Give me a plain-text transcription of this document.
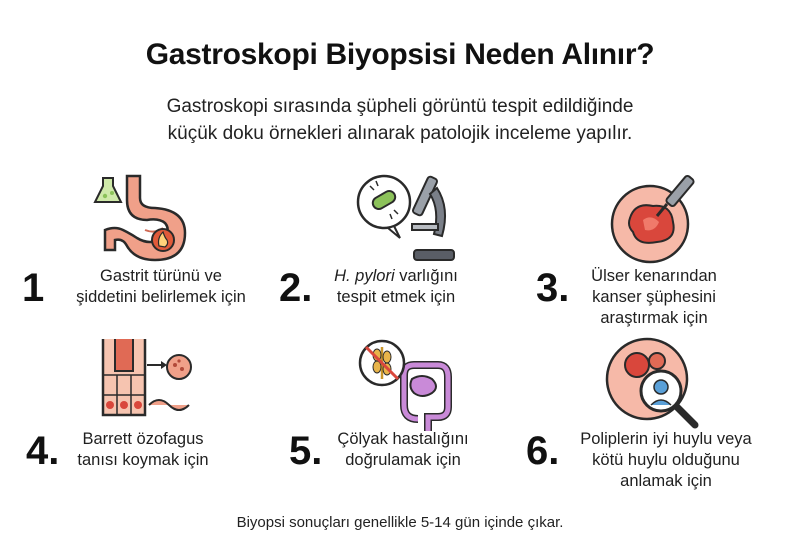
Gastroskopi Biyopsisi Neden Alınır?
Gastroskopi sırasında şüpheli görüntü tespit edildiğinde
küçük doku örnekleri alınarak patolojik inceleme yapılır.
1	Gastrit türünü ve
şiddetini belirlemek için 2.	H. pylori varlığını
tespit etmek için	3.	Ülser kenarından
kanser şüphesini
araştırmak için
4.	Barrett özofagus
tanısı koymak için 5. Çölyak hastalığını
doğrulamak için	6.	Poliplerin iyi huylu veya
kötü huylu olduğunu
anlamak için
Biyopsi sonuçları genellikle 5-14 gün içinde çıkar.
